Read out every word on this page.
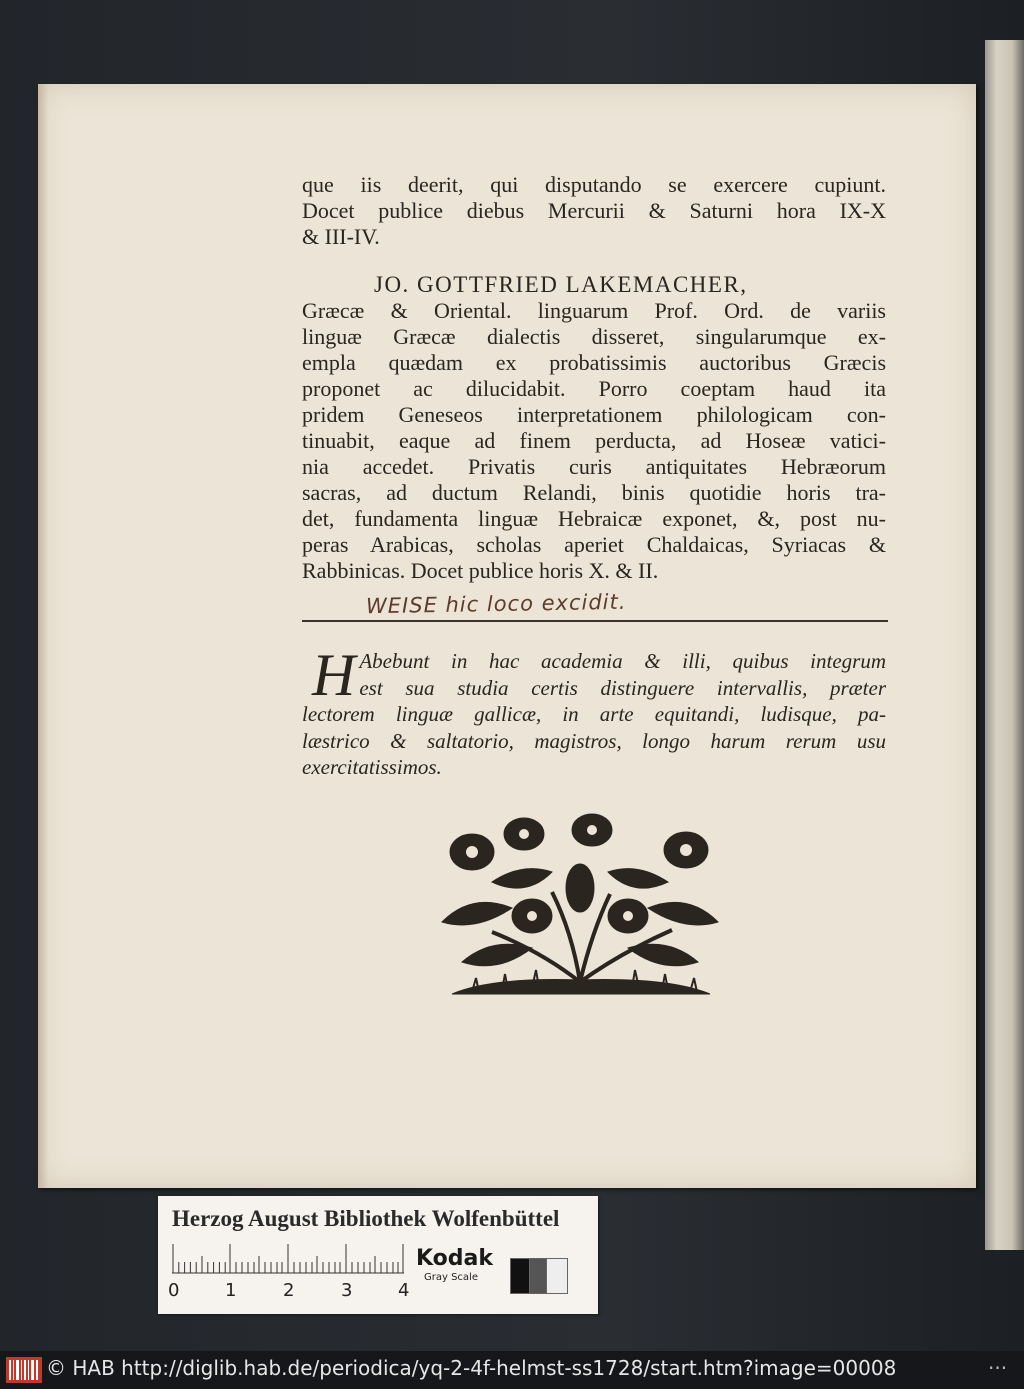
que iis deerit, qui disputando se exercere cupiunt.
Docet publice diebus Mercurii & Saturni hora IX-X
& III-IV.
JO. GOTTFRIED LAKEMACHER,
Græcæ & Oriental. linguarum Prof. Ord. de variis
linguæ Græcæ dialectis disseret, singularumque ex-
empla quædam ex probatissimis auctoribus Græcis
proponet ac dilucidabit. Porro coeptam haud ita
pridem Geneseos interpretationem philologicam con-
tinuabit, eaque ad finem perducta, ad Hoseæ vatici-
nia accedet. Privatis curis antiquitates Hebræorum
sacras, ad ductum Relandi, binis quotidie horis tra-
det, fundamenta linguæ Hebraicæ exponet, &, post nu-
peras Arabicas, scholas aperiet Chaldaicas, Syriacas &
Rabbinicas. Docet publice horis X. & II.
WEISE hic loco excidit.
H Abebunt in hac academia & illi, quibus integrum
est sua studia certis distinguere intervallis, præter
lectorem linguæ gallicæ, in arte equitandi, ludisque, pa-
læstrico & saltatorio, magistros, longo harum rerum usu
exercitatissimos.
Herzog August Bibliothek Wolfenbüttel
0	1	2	3	4
Kodak
Gray Scale
© HAB http://diglib.hab.de/periodica/yq-2-4f-helmst-ss1728/start.htm?image=00008	···
